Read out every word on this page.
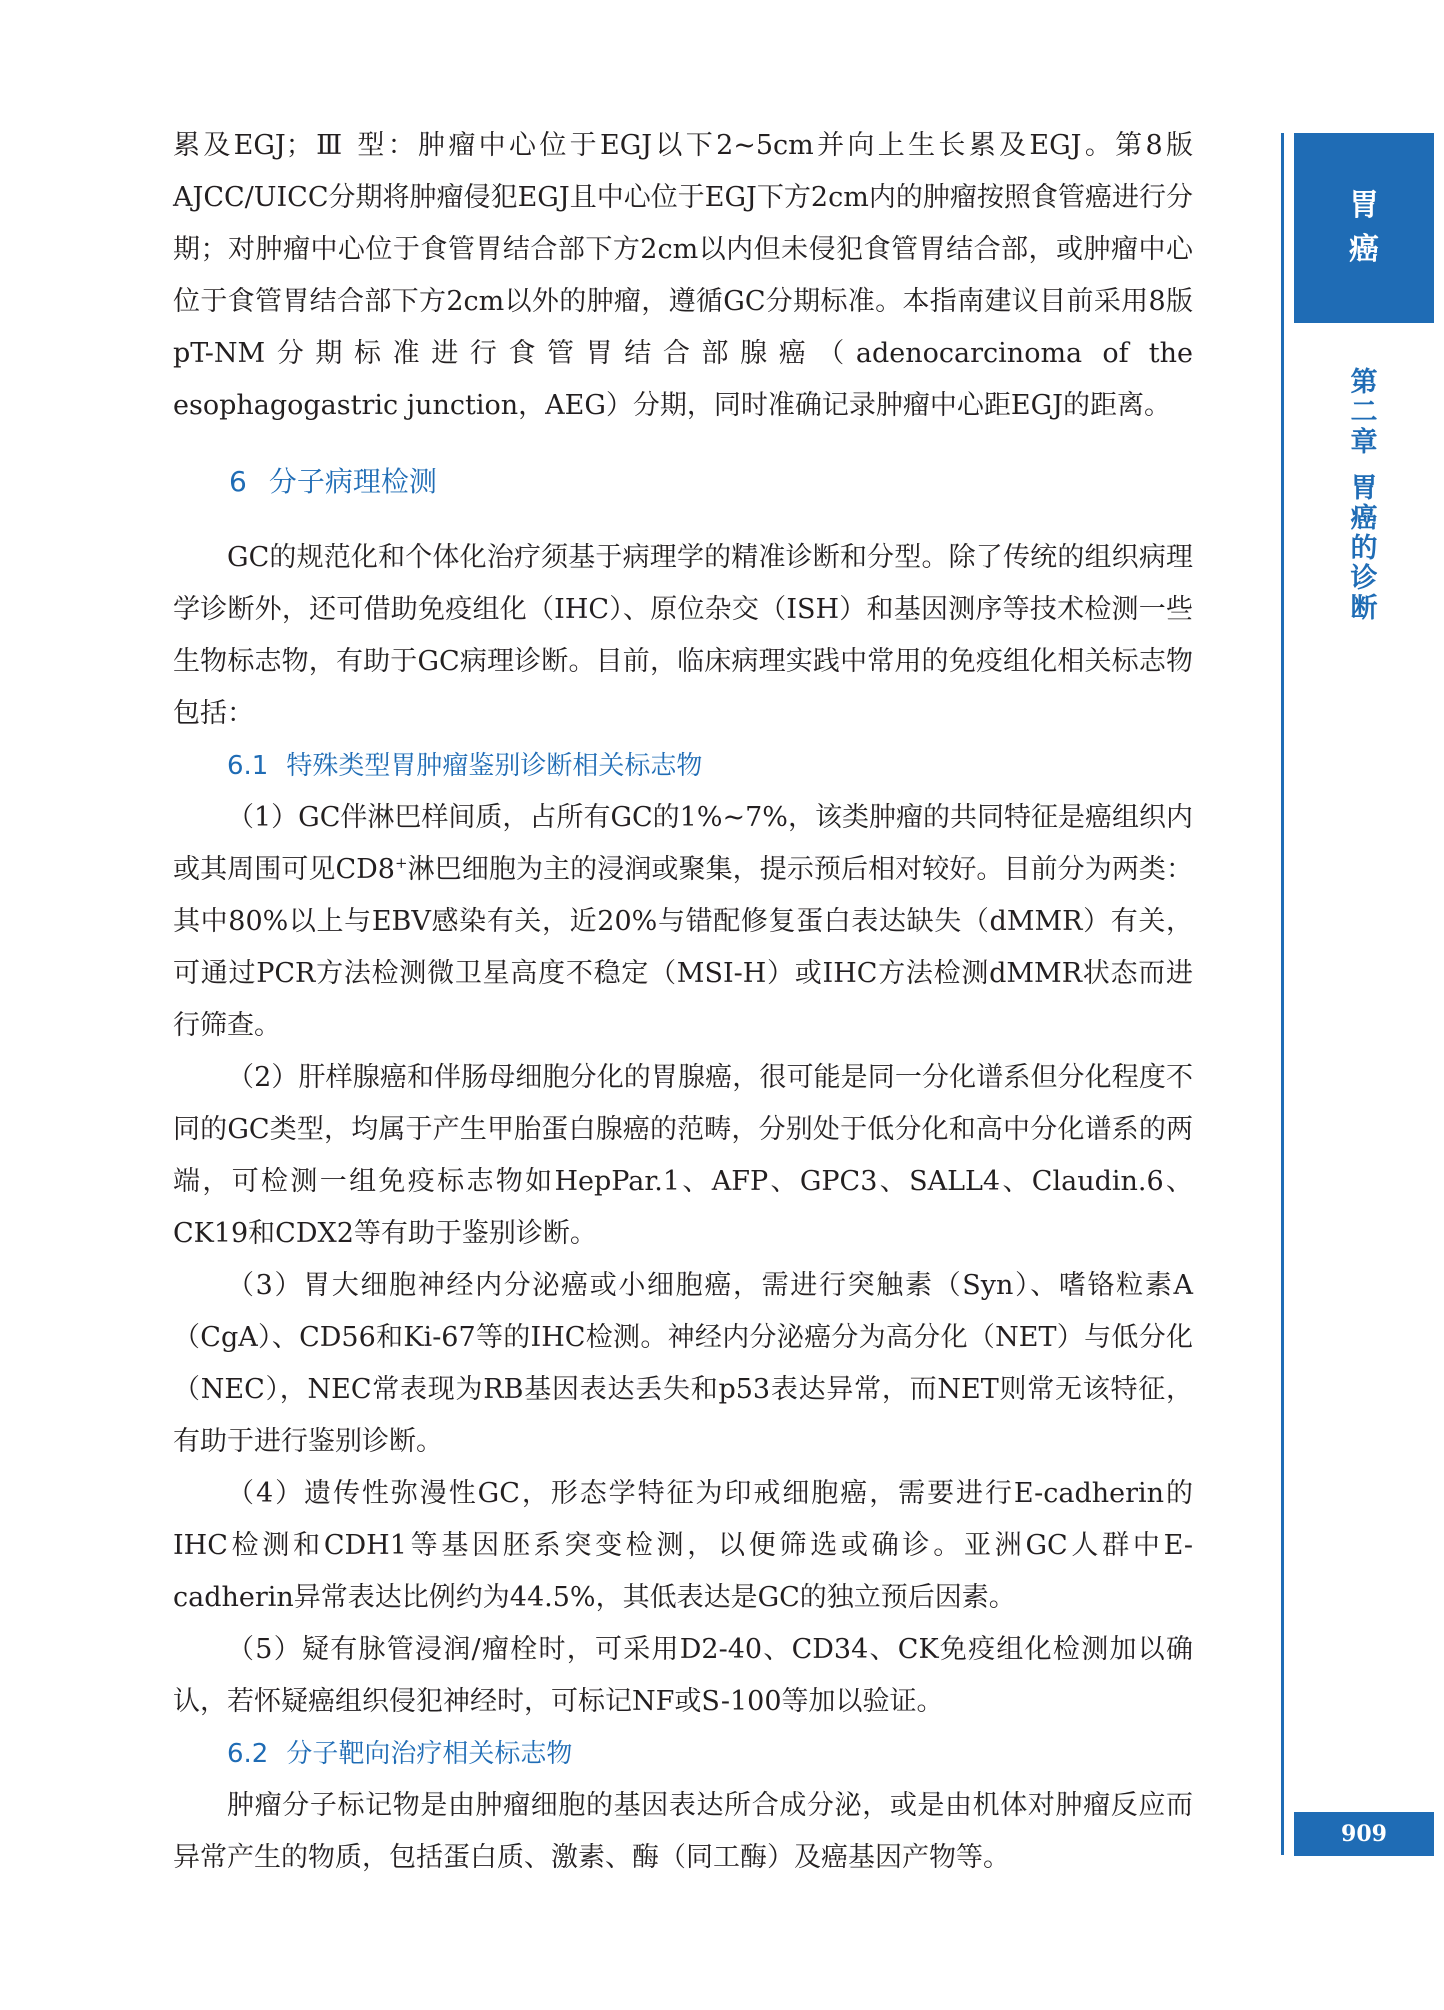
累及EGJ；Ⅲ 型：肿瘤中心位于EGJ以下2~5cm并向上生长累及EGJ。第8版AJCC/UICC分期将肿瘤侵犯EGJ且中心位于EGJ下方2cm内的肿瘤按照食管癌进行分期；对肿瘤中心位于食管胃结合部下方2cm以内但未侵犯食管胃结合部，或肿瘤中心位于食管胃结合部下方2cm以外的肿瘤，遵循GC分期标准。本指南建议目前采用8版pT-NM分期标准进行食管胃结合部腺癌（adenocarcinoma of the esophagogastric junction，AEG）分期，同时准确记录肿瘤中心距EGJ的距离。

6 分子病理检测

GC的规范化和个体化治疗须基于病理学的精准诊断和分型。除了传统的组织病理学诊断外，还可借助免疫组化（IHC）、原位杂交（ISH）和基因测序等技术检测一些生物标志物，有助于GC病理诊断。目前，临床病理实践中常用的免疫组化相关标志物包括：

6.1 特殊类型胃肿瘤鉴别诊断相关标志物

（1）GC伴淋巴样间质，占所有GC的1%~7%，该类肿瘤的共同特征是癌组织内或其周围可见CD8+淋巴细胞为主的浸润或聚集，提示预后相对较好。目前分为两类：其中80%以上与EBV感染有关，近20%与错配修复蛋白表达缺失（dMMR）有关，可通过PCR方法检测微卫星高度不稳定（MSI-H）或IHC方法检测dMMR状态而进行筛查。

（2）肝样腺癌和伴肠母细胞分化的胃腺癌，很可能是同一分化谱系但分化程度不同的GC类型，均属于产生甲胎蛋白腺癌的范畴，分别处于低分化和高中分化谱系的两端，可检测一组免疫标志物如HepPar.1、AFP、GPC3、SALL4、Claudin.6、CK19和CDX2等有助于鉴别诊断。

（3）胃大细胞神经内分泌癌或小细胞癌，需进行突触素（Syn）、嗜铬粒素A（CgA）、CD56和Ki-67等的IHC检测。神经内分泌癌分为高分化（NET）与低分化（NEC），NEC常表现为RB基因表达丢失和p53表达异常，而NET则常无该特征，有助于进行鉴别诊断。

（4）遗传性弥漫性GC，形态学特征为印戒细胞癌，需要进行E-cadherin的IHC检测和CDH1等基因胚系突变检测，以便筛选或确诊。亚洲GC人群中E-cadherin异常表达比例约为44.5%，其低表达是GC的独立预后因素。

（5）疑有脉管浸润/瘤栓时，可采用D2-40、CD34、CK免疫组化检测加以确认，若怀疑癌组织侵犯神经时，可标记NF或S-100等加以验证。

6.2 分子靶向治疗相关标志物

肿瘤分子标记物是由肿瘤细胞的基因表达所合成分泌，或是由机体对肿瘤反应而异常产生的物质，包括蛋白质、激素、酶（同工酶）及癌基因产物等。

胃
癌
第
二
章
胃
癌
的
诊
断
909
